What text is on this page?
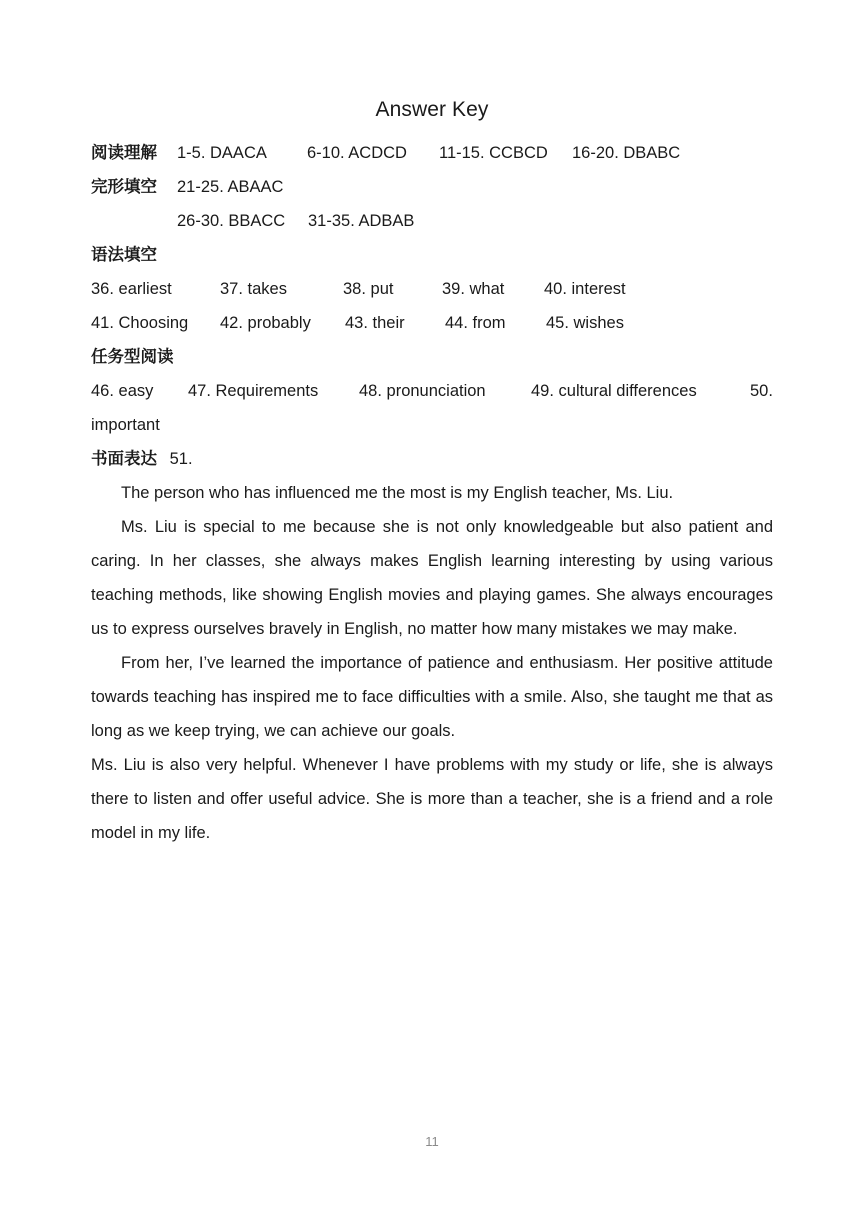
Answer Key
阅读理解 1-5. DAACA 6-10. ACDCD 11-15. CCBCD 16-20. DBABC
完形填空 21-25. ABAAC
26-30. BBACC 31-35. ADBAB
语法填空
36. earliest	37. takes	38. put	39. what 40. interest
41. Choosing 42. probably 43. their 44. from 45. wishes
任务型阅读
46. easy 47. Requirements 48. pronunciation	49. cultural differences	50.
important
书面表达 51.

The person who has influenced me the most is my English teacher, Ms. Liu.

Ms. Liu is special to me because she is not only knowledgeable but also patient and caring. In her classes, she always makes English learning interesting by using various teaching methods, like showing English movies and playing games. She always encourages us to express ourselves bravely in English, no matter how many mistakes we may make.

From her, I’ve learned the importance of patience and enthusiasm. Her positive attitude towards teaching has inspired me to face difficulties with a smile. Also, she taught me that as long as we keep trying, we can achieve our goals.

Ms. Liu is also very helpful. Whenever I have problems with my study or life, she is always there to listen and offer useful advice. She is more than a teacher, she is a friend and a role model in my life.

11
